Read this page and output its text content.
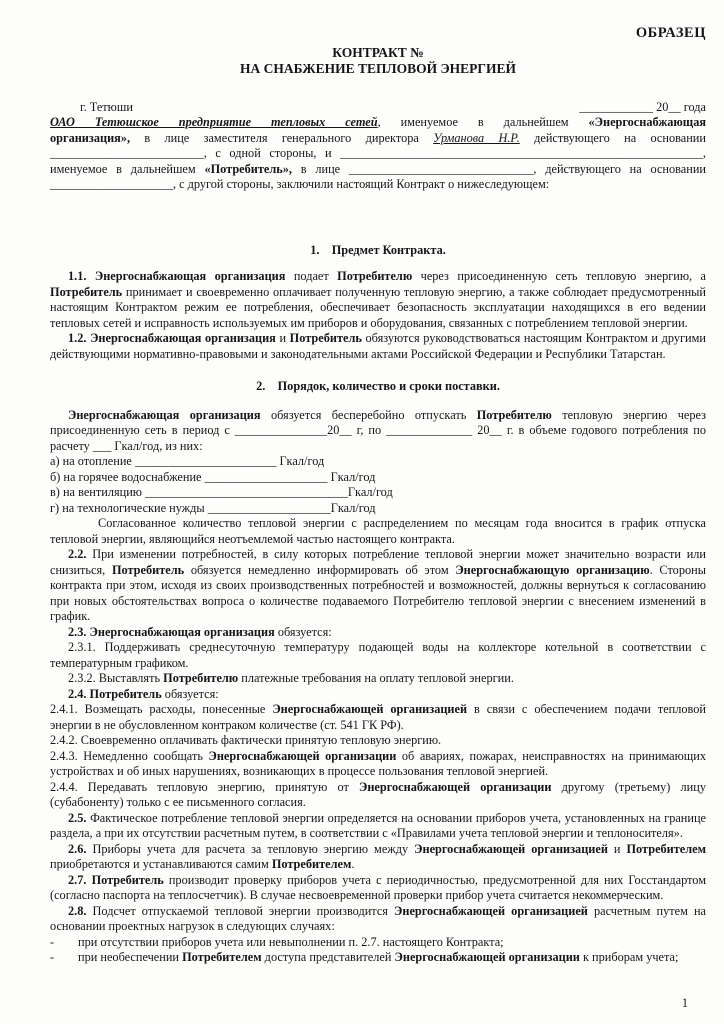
ОБРАЗЕЦ

КОНТРАКТ №

НА СНАБЖЕНИЕ ТЕПЛОВОЙ ЭНЕРГИЕЙ

г. Тетюши	____________ 20__ года
ОАО Тетюшское предприятие тепловых сетей, именуемое в дальнейшем «Энергоснабжающая
организация», в лице заместителя генерального директора Урманова Н.Р. действующего на основании
_________________________, с одной стороны, и ___________________________________________________________,
именуемое в дальнейшем «Потребитель», в лице ______________________________, действующего на основании
____________________, с другой стороны, заключили настоящий Контракт о нижеследующем:
1.    Предмет Контракта.
1.1. Энергоснабжающая организация подает Потребителю через присоединенную сеть тепловую энергию, а Потребитель принимает и своевременно оплачивает полученную тепловую энергию, а также соблюдает предусмотренный настоящим Контрактом режим ее потребления, обеспечивает безопасность эксплуатации находящихся в его ведении тепловых сетей и исправность используемых им приборов и оборудования, связанных с потреблением тепловой энергии.
1.2. Энергоснабжающая организация и Потребитель обязуются руководствоваться настоящим Контрактом и другими действующими нормативно-правовыми и законодательными актами Российской Федерации и Республики Татарстан.
2.    Порядок, количество и сроки поставки.
Энергоснабжающая организация обязуется бесперебойно отпускать Потребителю тепловую энергию через присоединенную сеть в период с _______________20__ г, по ______________ 20__ г. в объеме годового потребления по расчету ___ Гкал/год, из них:
а) на отопление _______________________ Гкал/год
б) на горячее водоснабжение ____________________ Гкал/год
в) на вентиляцию _________________________________Гкал/год
г) на технологические нужды ____________________Гкал/год
Согласованное количество тепловой энергии с распределением по месяцам года вносится в график отпуска тепловой энергии, являющийся неотъемлемой частью настоящего контракта.
2.2. При изменении потребностей, в силу которых потребление тепловой энергии может значительно возрасти или снизиться, Потребитель обязуется немедленно информировать об этом Энергоснабжающую организацию. Стороны контракта при этом, исходя из своих производственных потребностей и возможностей, должны вернуться к согласованию при новых обстоятельствах вопроса о количестве подаваемого Потребителю тепловой энергии с внесением изменений в график.
2.3. Энергоснабжающая организация обязуется:
2.3.1. Поддерживать среднесуточную температуру подающей воды на коллекторе котельной в соответствии с температурным графиком.
2.3.2. Выставлять Потребителю платежные требования на оплату тепловой энергии.
2.4. Потребитель обязуется:
2.4.1. Возмещать расходы, понесенные Энергоснабжающей организацией в связи с обеспечением подачи тепловой энергии в не обусловленном контраком количестве (ст. 541 ГК РФ).
2.4.2. Своевременно оплачивать фактически принятую тепловую энергию.
2.4.3. Немедленно сообщать Энергоснабжающей организации об авариях, пожарах, неисправностях на принимающих устройствах и об иных нарушениях, возникающих в процессе пользования тепловой энергией.
2.4.4. Передавать тепловую энергию, принятую от Энергоснабжающей организации другому (третьему) лицу (субабоненту) только с ее письменного согласия.
2.5. Фактическое потребление тепловой энергии определяется на основании приборов учета, установленных на границе раздела, а при их отсутствии расчетным путем, в соответствии с «Правилами учета тепловой энергии и теплоносителя».
2.6. Приборы учета для расчета за тепловую энергию между Энергоснабжающей организацией и Потребителем приобретаются и устанавливаются самим Потребителем.
2.7. Потребитель производит проверку приборов учета с периодичностью, предусмотренной для них Госстандартом (согласно паспорта на теплосчетчик). В случае несвоевременной проверки прибор учета считается некоммерческим.
2.8. Подсчет отпускаемой тепловой энергии производится Энергоснабжающей организацией расчетным путем на основании проектных нагрузок в следующих случаях:
- при отсутствии приборов учета или невыполнении п. 2.7. настоящего Контракта;
- при необеспечении Потребителем доступа представителей Энергоснабжающей организации к приборам учета;
1
